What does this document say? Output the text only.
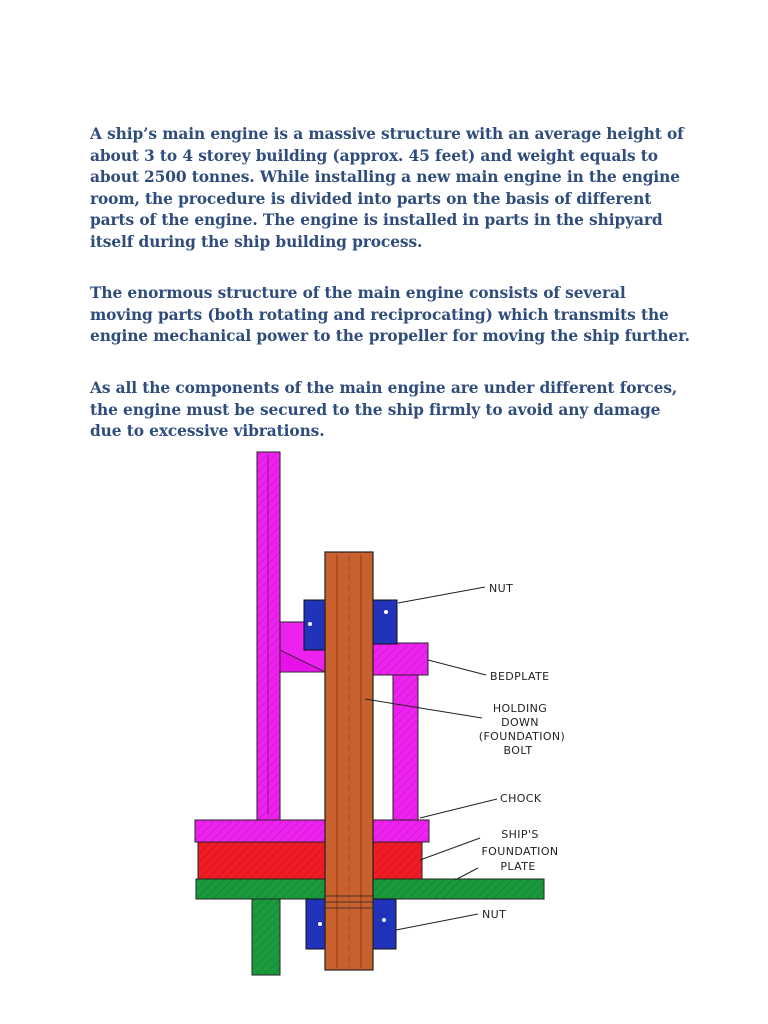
A ship’s main engine is a massive structure with an average height of about 3 to 4 storey building (approx. 45 feet) and weight equals to about 2500 tonnes. While installing a new main engine in the engine room, the procedure is divided into parts on the basis of different parts of the engine. The engine is installed in parts in the shipyard itself during the ship building process.

The enormous structure of the main engine consists of several moving parts (both rotating and reciprocating) which transmits the engine mechanical power to the propeller for moving the ship further.

As all the components of the main engine are under different forces, the engine must be secured to the ship firmly to avoid any damage due to excessive vibrations.

NUT
BEDPLATE
HOLDING
DOWN
(FOUNDATION)
BOLT
CHOCK
SHIP'S
FOUNDATION
PLATE
NUT
